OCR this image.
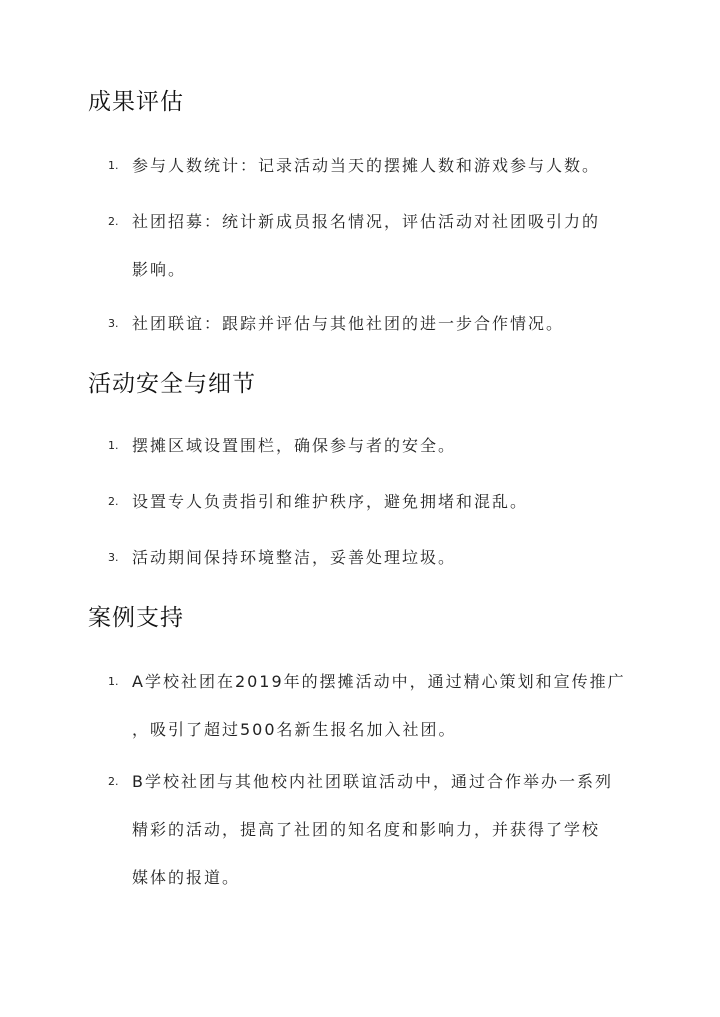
成果评估
1. 参与人数统计：记录活动当天的摆摊人数和游戏参与人数。
2. 社团招募：统计新成员报名情况，评估活动对社团吸引力的
影响。
3. 社团联谊：跟踪并评估与其他社团的进一步合作情况。
活动安全与细节
1. 摆摊区域设置围栏，确保参与者的安全。
2. 设置专人负责指引和维护秩序，避免拥堵和混乱。
3. 活动期间保持环境整洁，妥善处理垃圾。
案例支持
1. A学校社团在2019年的摆摊活动中，通过精心策划和宣传推广
，吸引了超过500名新生报名加入社团。
2. B学校社团与其他校内社团联谊活动中，通过合作举办一系列
精彩的活动，提高了社团的知名度和影响力，并获得了学校
媒体的报道。
